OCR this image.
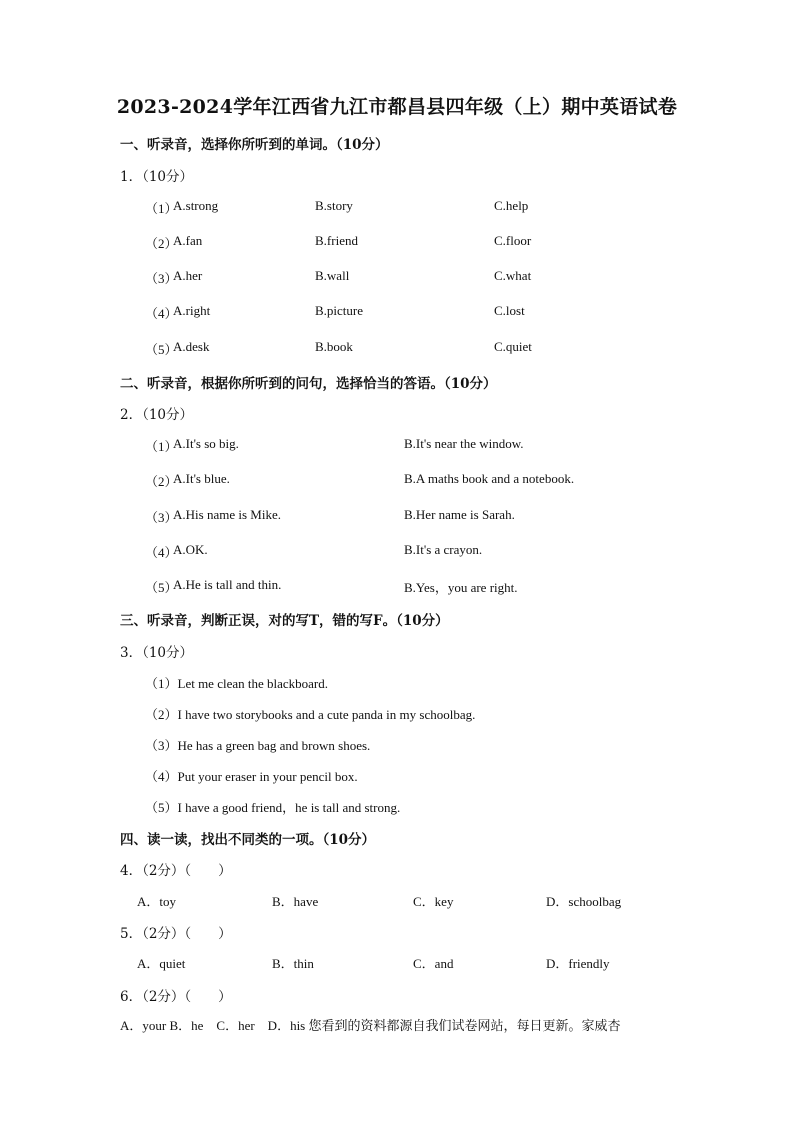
2023-2024学年江西省九江市都昌县四年级（上）期中英语试卷
一、听录音，选择你所听到的单词。（10分）
1．（10分）
（1）
A.strong	B.story	C.help
（2）
A.fan	B.friend	C.floor
（3）
A.her	B.wall	C.what
（4）
A.right	B.picture	C.lost
（5）
A.desk	B.book	C.quiet
二、听录音，根据你所听到的问句，选择恰当的答语。（10分）
2．（10分）
（1）
A.It's so big.	B.It's near the window.
（2）
A.It's blue.	B.A maths book and a notebook.
（3）
A.His name is Mike.	B.Her name is Sarah.
（4）
A.OK.	B.It's a crayon.
（5）
A.He is tall and thin.	B.Yes，you are right.
三、听录音，判断正误，对的写T，错的写F。（10分）
3．（10分）
（1）Let me clean the blackboard.
（2）I have two storybooks and a cute panda in my schoolbag.
（3）He has a green bag and brown shoes.
（4）Put your eraser in your pencil box.
（5）I have a good friend，he is tall and strong.
四、读一读，找出不同类的一项。（10分）
4．（2分）（　　）
A．toy	B．have	C．key	D．schoolbag
5．（2分）（　　）
A．quiet	B．thin	C．and	D．friendly
6．（2分）（　　）
A．your B．he　C．her　D．his 您看到的资料都源自我们试卷网站，每日更新。家威杏
